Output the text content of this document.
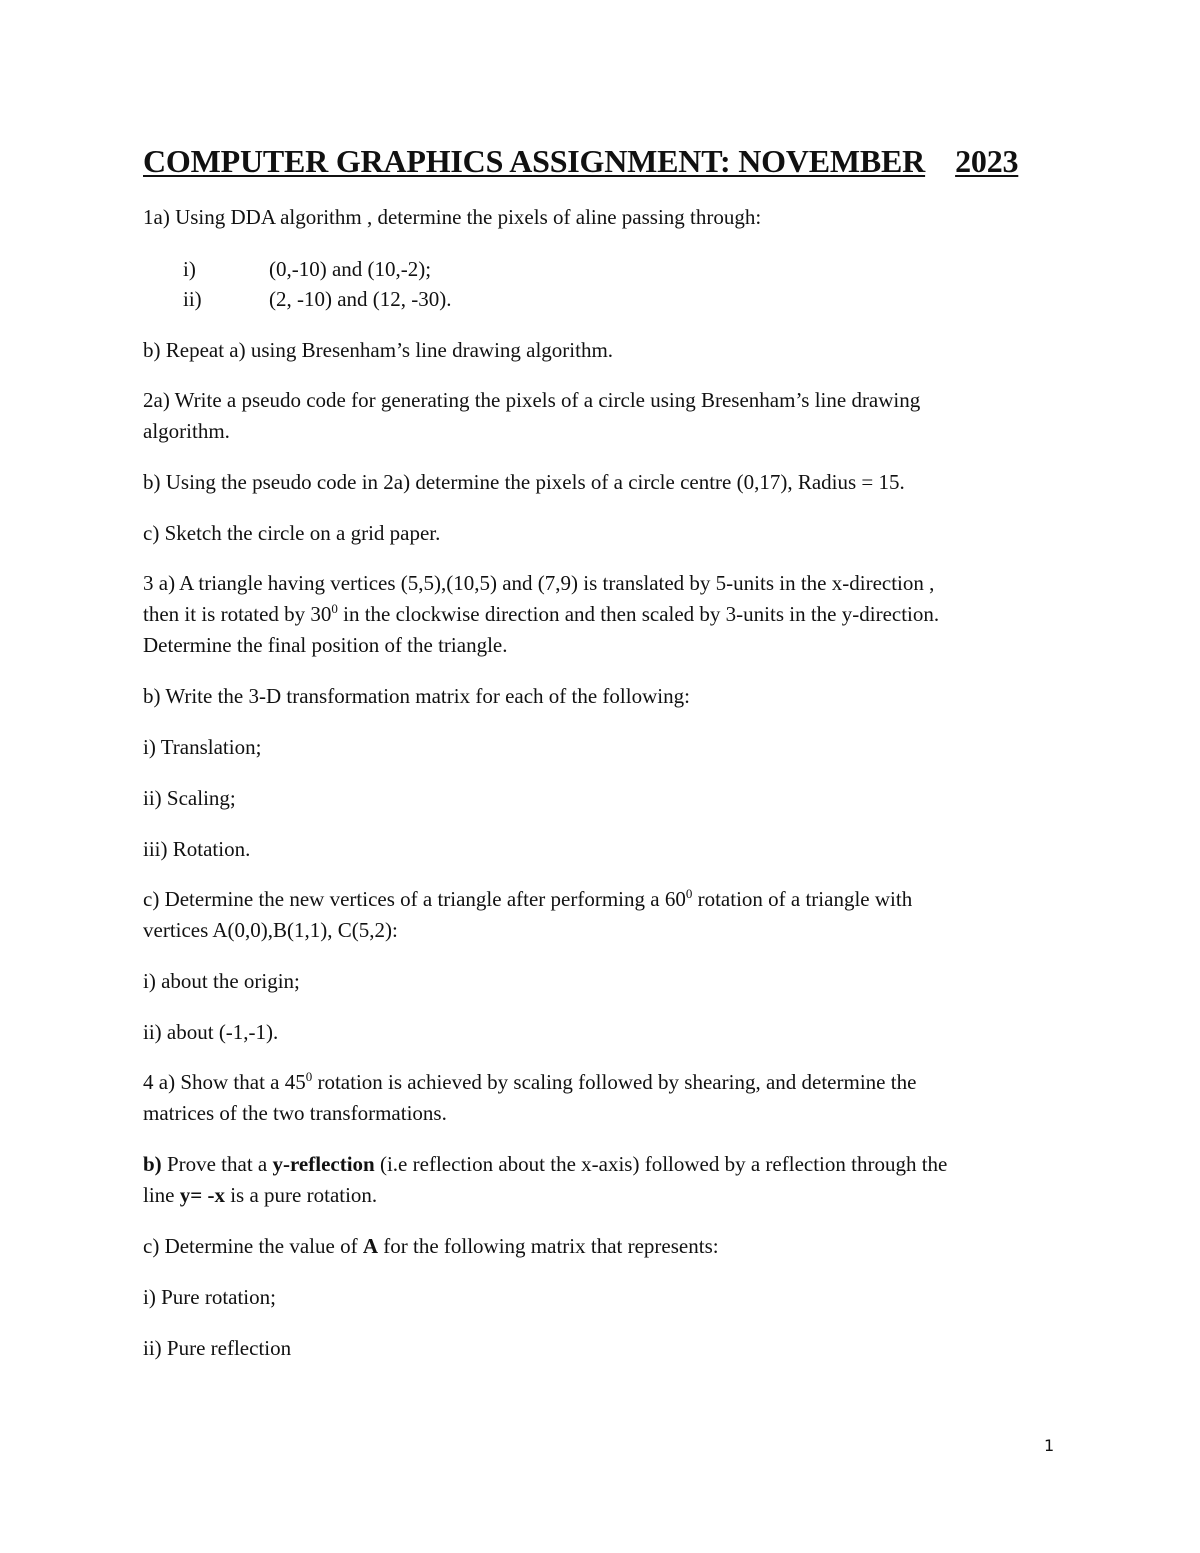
COMPUTER GRAPHICS ASSIGNMENT: NOVEMBER 2023
1a) Using DDA algorithm , determine the pixels of aline passing through:
i)	(0,-10) and (10,-2);
ii)	(2, -10) and (12, -30).
b) Repeat a) using Bresenham’s line drawing algorithm.
2a) Write a pseudo code for generating the pixels of a circle using Bresenham’s line drawing
algorithm.
b) Using the pseudo code in 2a) determine the pixels of a circle centre (0,17), Radius = 15.
c) Sketch the circle on a grid paper.
3 a) A triangle having vertices (5,5),(10,5) and (7,9) is translated by 5-units in the x-direction ,
then it is rotated by $30^0$ in the clockwise direction and then scaled by 3-units in the y-direction.
Determine the final position of the triangle.
b) Write the 3-D transformation matrix for each of the following:
i) Translation;
ii) Scaling;
iii) Rotation.
c) Determine the new vertices of a triangle after performing a $60^0$ rotation of a triangle with
vertices A(0,0),B(1,1), C(5,2):
i) about the origin;
ii) about (-1,-1).
4 a) Show that a $45^0$ rotation is achieved by scaling followed by shearing, and determine the
matrices of the two transformations.
b) Prove that a y-reflection (i.e reflection about the x-axis) followed by a reflection through the
line y= -x is a pure rotation.
c) Determine the value of A for the following matrix that represents:
i) Pure rotation;
ii) Pure reflection
1
